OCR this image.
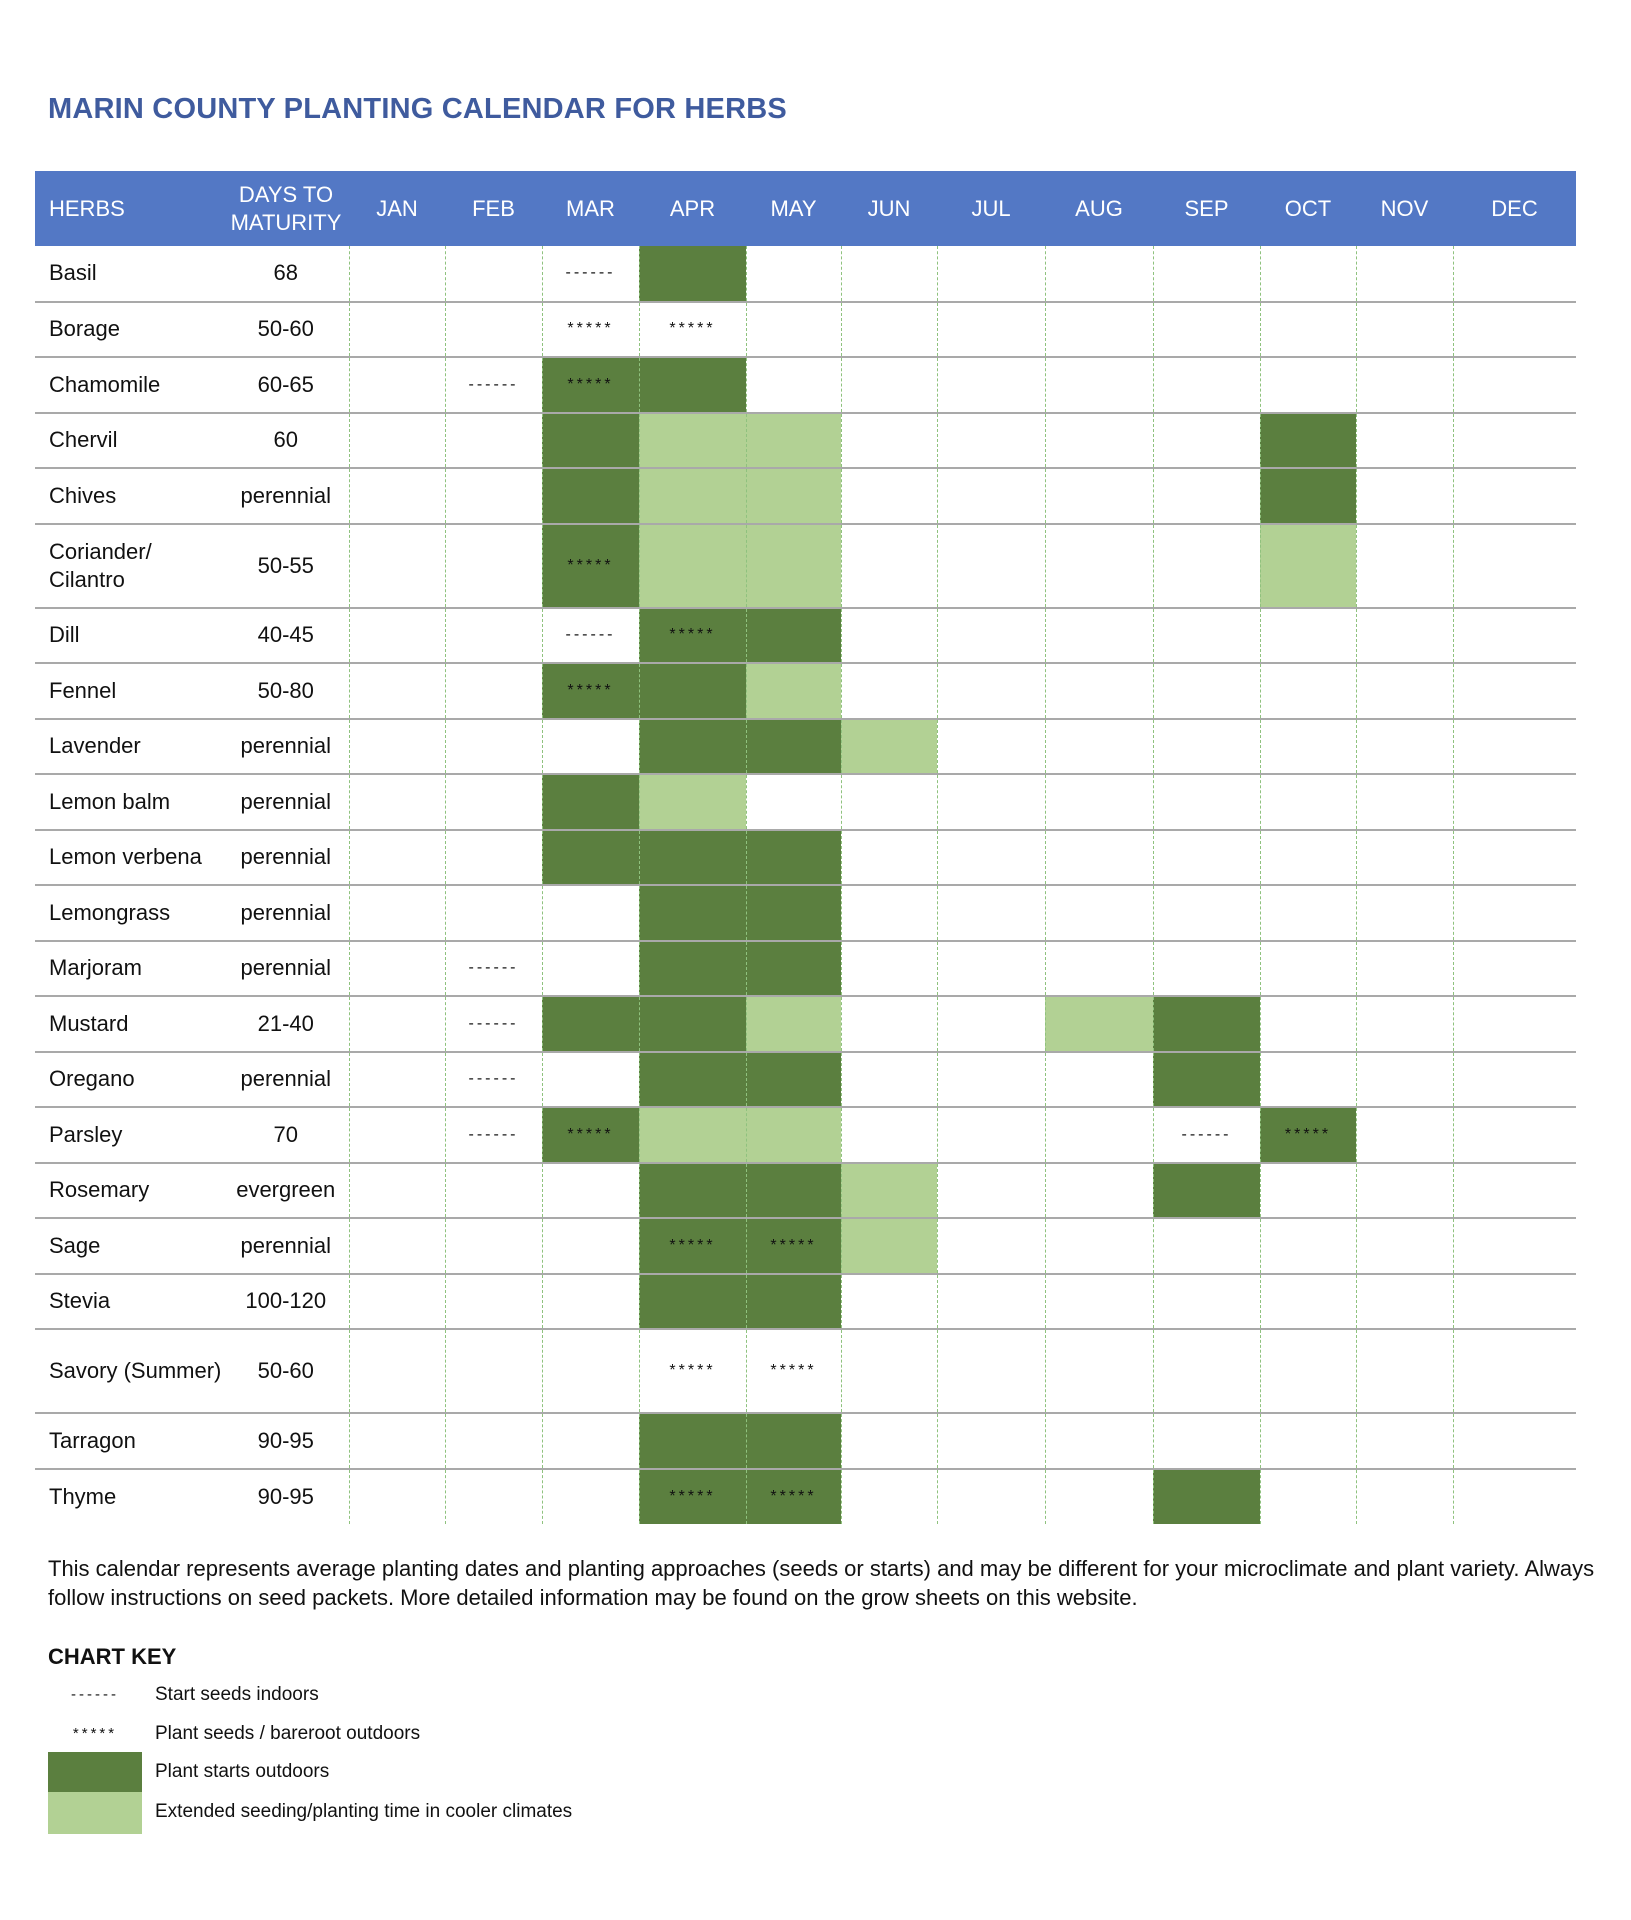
MARIN COUNTY PLANTING CALENDAR FOR HERBS
HERBS	DAYS TO MATURITY	JAN	FEB	MAR	APR	MAY	JUN	JUL	AUG	SEP	OCT	NOV	DEC
Basil	68			------									
Borage	50-60			*****	*****								
Chamomile	60-65		------	*****									
Chervil	60												
Chives	perennial												
Coriander/ Cilantro	50-55			*****									
Dill	40-45			------	*****								
Fennel	50-80			*****									
Lavender	perennial												
Lemon balm	perennial												
Lemon verbena	perennial												
Lemongrass	perennial												
Marjoram	perennial		------										
Mustard	21-40		------										
Oregano	perennial		------										
Parsley	70		------	*****						------	*****		
Rosemary	evergreen												
Sage	perennial				*****	*****							
Stevia	100-120												
Savory (Summer)	50-60				*****	*****							
Tarragon	90-95												
Thyme	90-95				*****	*****							
This calendar represents average planting dates and planting approaches (seeds or starts) and may be different for your microclimate and plant variety. Always follow instructions on seed packets. More detailed information may be found on the grow sheets on this website.
CHART KEY
------	Start seeds indoors
*****	Plant seeds / bareroot outdoors
Plant starts outdoors
Extended seeding/planting time in cooler climates
